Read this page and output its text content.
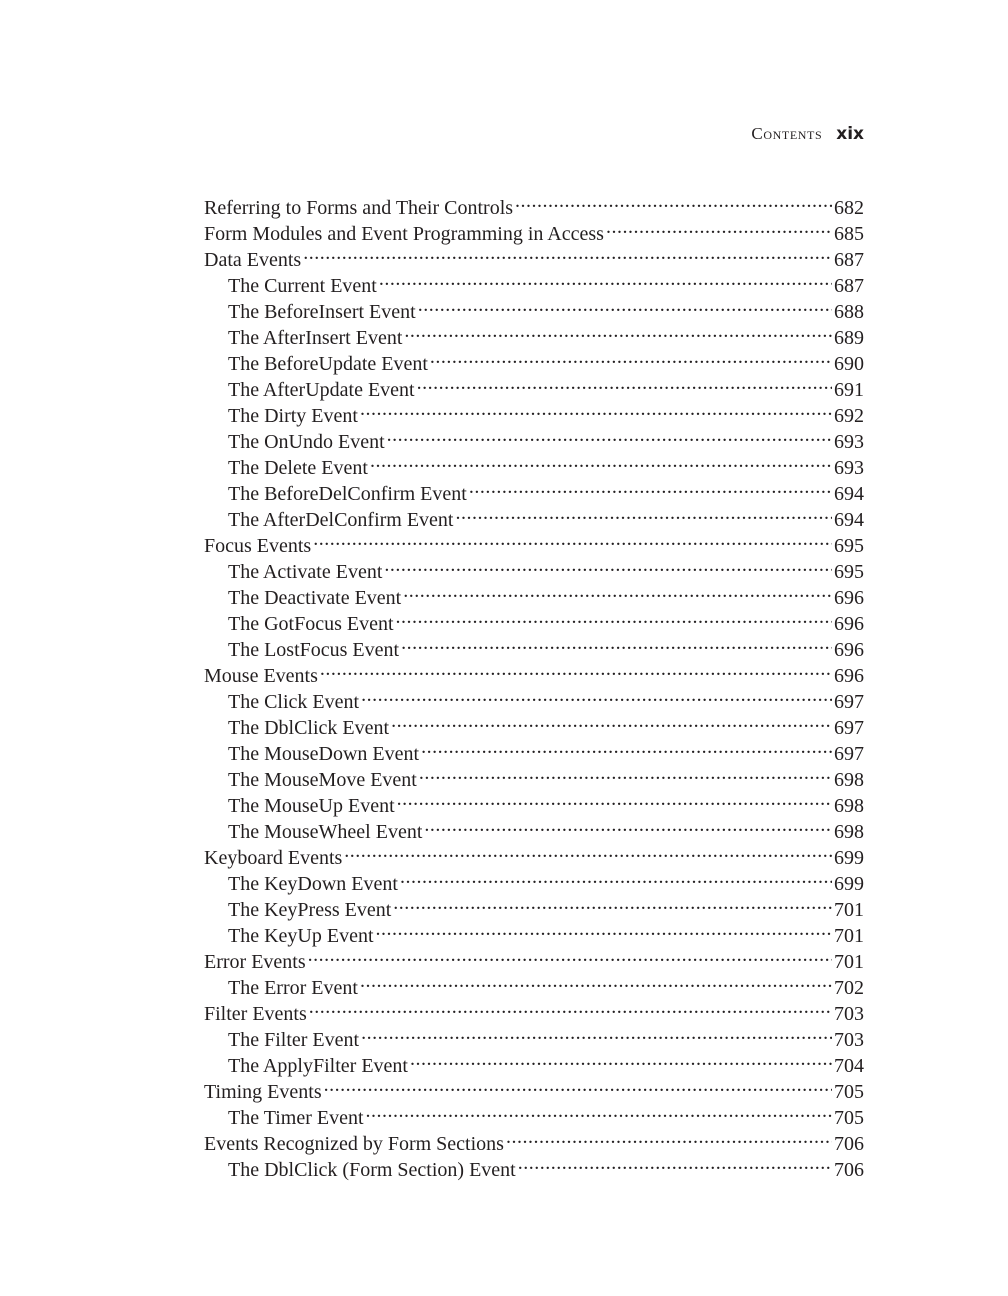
Contents xix
Referring to Forms and Their Controls .....	682
Form Modules and Event Programming in Access .....	685
Data Events .....	687
The Current Event .....	687
The BeforeInsert Event .....	688
The AfterInsert Event .....	689
The BeforeUpdate Event .....	690
The AfterUpdate Event .....	691
The Dirty Event .....	692
The OnUndo Event .....	693
The Delete Event .....	693
The BeforeDelConfirm Event .....	694
The AfterDelConfirm Event .....	694
Focus Events .....	695
The Activate Event .....	695
The Deactivate Event .....	696
The GotFocus Event .....	696
The LostFocus Event .....	696
Mouse Events .....	696
The Click Event .....	697
The DblClick Event .....	697
The MouseDown Event .....	697
The MouseMove Event .....	698
The MouseUp Event .....	698
The MouseWheel Event .....	698
Keyboard Events .....	699
The KeyDown Event .....	699
The KeyPress Event .....	701
The KeyUp Event .....	701
Error Events .....	701
The Error Event .....	702
Filter Events .....	703
The Filter Event .....	703
The ApplyFilter Event .....	704
Timing Events .....	705
The Timer Event .....	705
Events Recognized by Form Sections .....	706
The DblClick (Form Section) Event .....	706
